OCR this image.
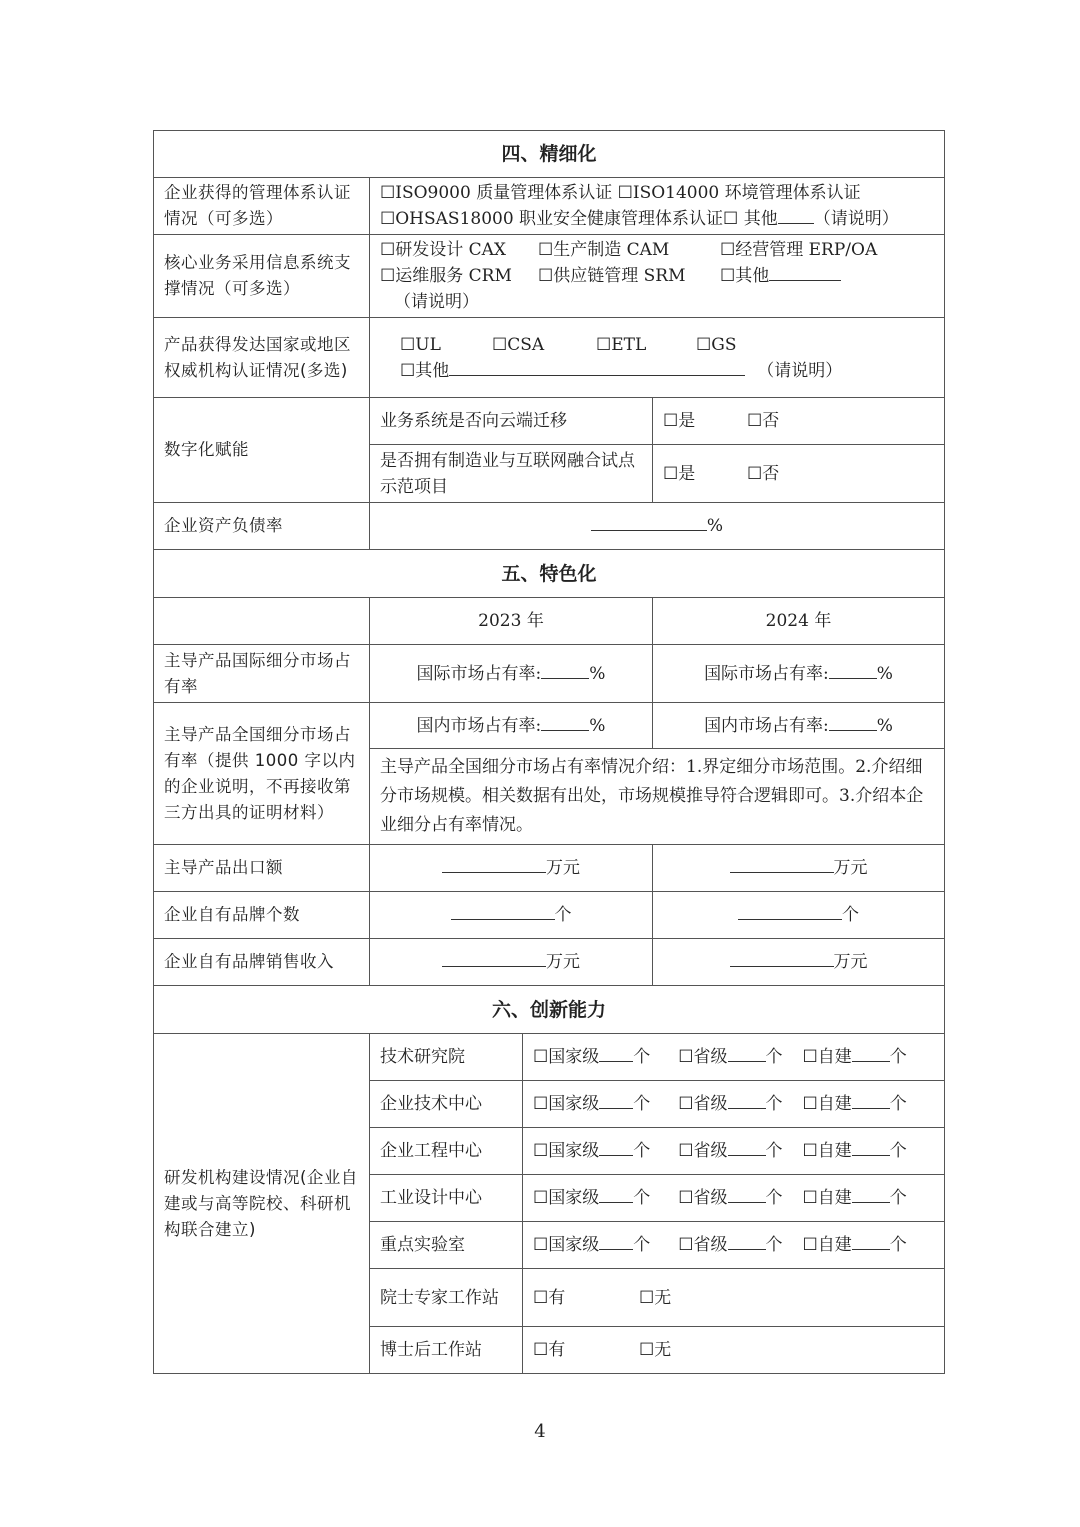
四、精细化			
企业获得的管理体系认证情况（可多选）	☐ISO9000 质量管理体系认证 ☐ISO14000 环境管理体系认证
☐OHSAS18000 职业安全健康管理体系认证☐ 其他 （请说明）		

核心业务采用信息系统支撑情况（可多选）	☐研发设计 CAX ☐生产制造 CAM ☐经营管理 ERP/OA
☐运维服务 CRM ☐供应链管理 SRM ☐其他（请说明）		

产品获得发达国家或地区权威机构认证情况(多选)	☐UL ☐CSA ☐ETL ☐GS
☐其他 （请说明）		

数字化赋能	业务系统是否向云端迁移		☐是 ☐否
	是否拥有制造业与互联网融合试点示范项目		☐是 ☐否
企业资产负债率	%		
五、特色化			
	2023 年		2024 年
主导产品国际细分市场占有率	国际市场占有率: %		国际市场占有率: %
主导产品全国细分市场占有率（提供 1000 字以内的企业说明，不再接收第三方出具的证明材料）	国内市场占有率: %		国内市场占有率: %
	主导产品全国细分市场占有率情况介绍：1.界定细分市场范围。2.介绍细分市场规模。相关数据有出处，市场规模推导符合逻辑即可。3.介绍本企业细分占有率情况。		
主导产品出口额	万元		万元
企业自有品牌个数	个		个
企业自有品牌销售收入	万元		万元
六、创新能力			
研发机构建设情况(企业自建或与高等院校、科研机构联合建立)	技术研究院	☐国家级 个 ☐省级 个 ☐自建 个	
	企业技术中心	☐国家级 个 ☐省级 个 ☐自建 个	
	企业工程中心	☐国家级 个 ☐省级 个 ☐自建 个	
	工业设计中心	☐国家级 个 ☐省级 个 ☐自建 个	
	重点实验室	☐国家级 个 ☐省级 个 ☐自建 个	
	院士专家工作站	☐有 ☐无	
	博士后工作站	☐有 ☐无	
4
